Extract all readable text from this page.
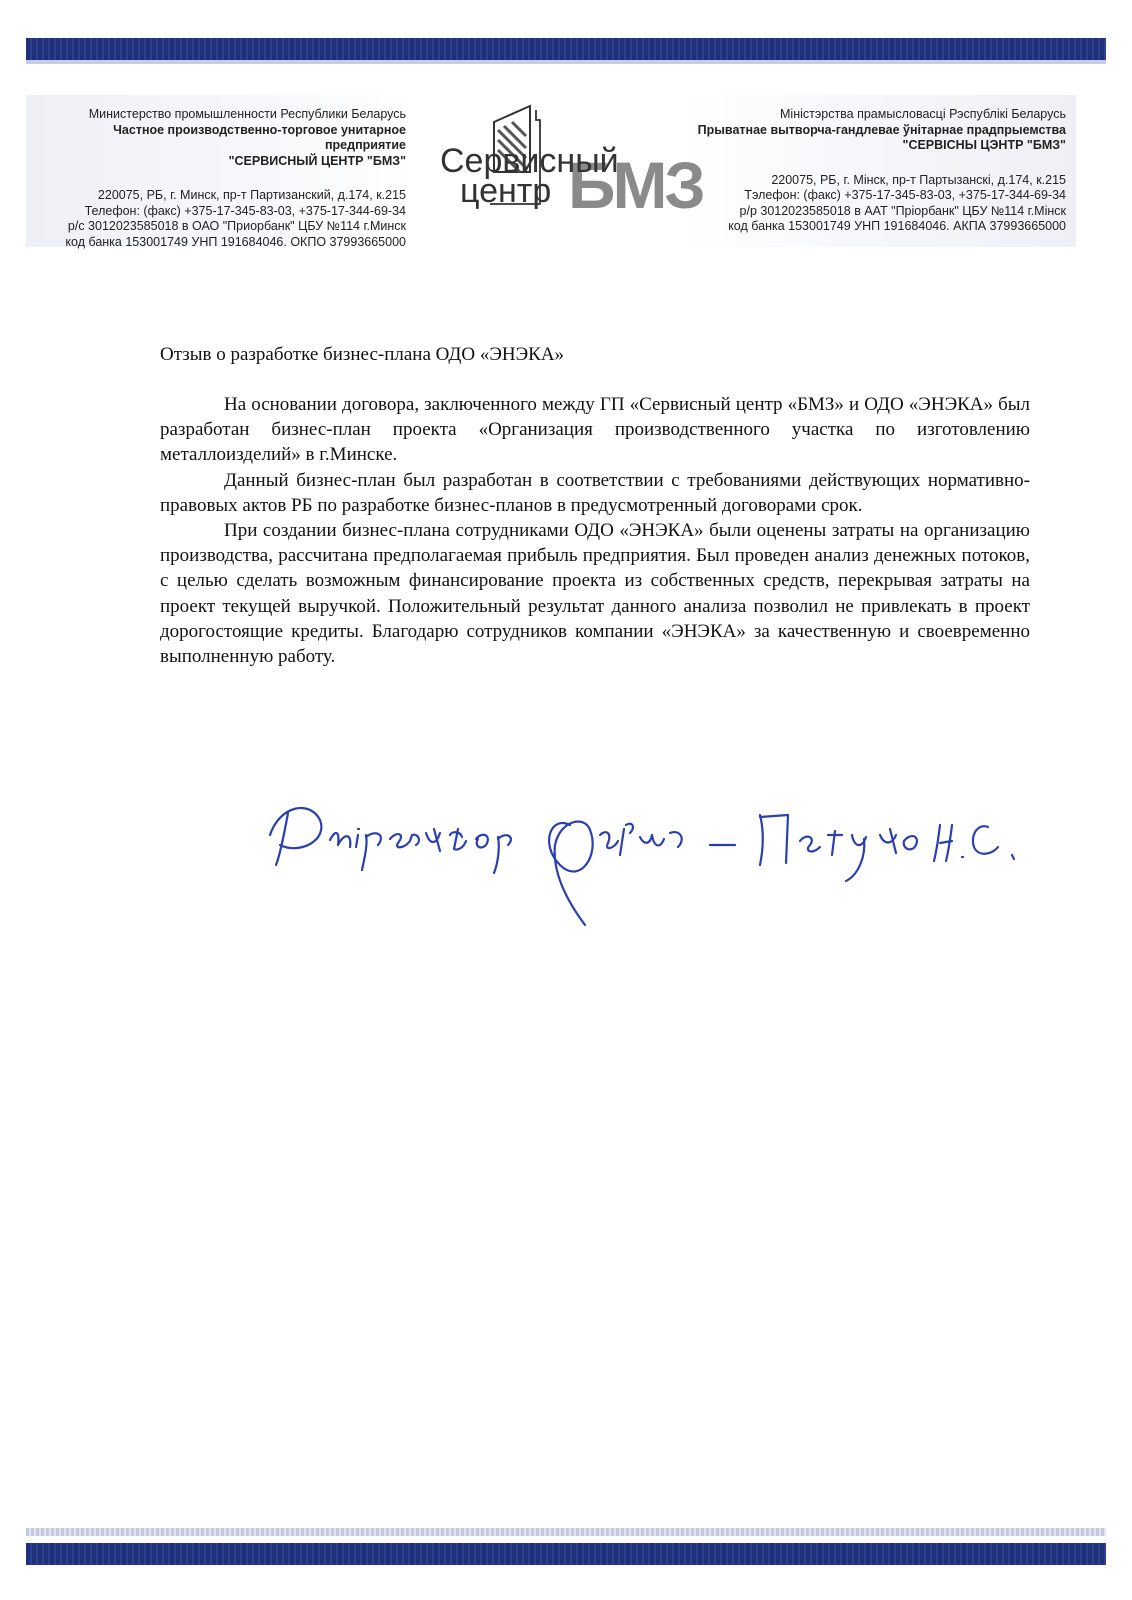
Министерство промышленности Республики Беларусь
Частное производственно-торговое унитарное предприятие
"СЕРВИСНЫЙ ЦЕНТР "БМЗ"
220075, РБ, г. Минск, пр-т Партизанский, д.174, к.215
Телефон: (факс) +375-17-345-83-03, +375-17-344-69-34
р/с 3012023585018 в ОАО "Приорбанк" ЦБУ №114 г.Минск
код банка 153001749 УНП 191684046. ОКПО 37993665000
Міністэрства прамысловасці Рэспублікі Беларусь
Прыватнае вытворча-гандлевае ўнітарнае прадпрыемства
"СЕРВІСНЫ ЦЭНТР "БМЗ"
220075, РБ, г. Мінск, пр-т Партызанскі, д.174, к.215
Тэлефон: (факс) +375-17-345-83-03, +375-17-344-69-34
р/р 3012023585018 в ААТ "Пріорбанк" ЦБУ №114 г.Мінск
код банка 153001749 УНП 191684046. АКПА 37993665000
БМЗ
Сервисный
центр
Отзыв о разработке бизнес-плана ОДО «ЭНЭКА»

На основании договора, заключенного между ГП «Сервисный центр «БМЗ» и ОДО «ЭНЭКА» был разработан бизнес-план проекта «Организация производственного участка по изготовлению металлоизделий» в г.Минске.

Данный бизнес-план был разработан в соответствии с требованиями действующих нормативно-правовых актов РБ по разработке бизнес-планов в предусмотренный договорами срок.

При создании бизнес-плана сотрудниками ОДО «ЭНЭКА» были оценены затраты на организацию производства, рассчитана предполагаемая прибыль предприятия. Был проведен анализ денежных потоков, с целью сделать возможным финансирование проекта из собственных средств, перекрывая затраты на проект текущей выручкой. Положительный результат данного анализа позволил не привлекать в проект дорогостоящие кредиты. Благодарю сотрудников компании «ЭНЭКА» за качественную и своевременно выполненную работу.
